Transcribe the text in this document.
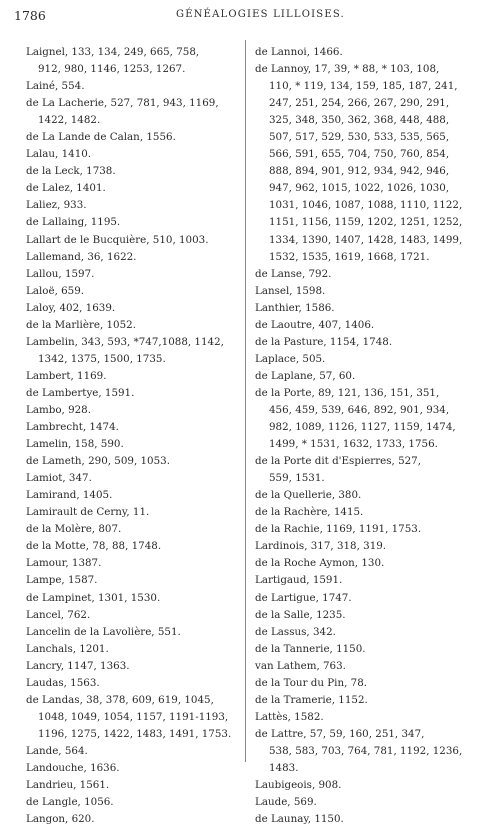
1786	GÉNÉALOGIES LILLOISES.
Laignel, 133, 134, 249, 665, 758,
912, 980, 1146, 1253, 1267.
Lainé, 554.
de La Lacherie, 527, 781, 943, 1169,
1422, 1482.
de La Lande de Calan, 1556.
Lalau, 1410.
de la Leck, 1738.
de Lalez, 1401.
Laliez, 933.
de Lallaing, 1195.
Lallart de le Bucquière, 510, 1003.
Lallemand, 36, 1622.
Lallou, 1597.
Laloë, 659.
Laloy, 402, 1639.
de la Marlière, 1052.
Lambelin, 343, 593, *747,1088, 1142,
1342, 1375, 1500, 1735.
Lambert, 1169.
de Lambertye, 1591.
Lambo, 928.
Lambrecht, 1474.
Lamelin, 158, 590.
de Lameth, 290, 509, 1053.
Lamiot, 347.
Lamirand, 1405.
Lamirault de Cerny, 11.
de la Molère, 807.
de la Motte, 78, 88, 1748.
Lamour, 1387.
Lampe, 1587.
de Lampinet, 1301, 1530.
Lancel, 762.
Lancelin de la Lavolière, 551.
Lanchals, 1201.
Lancry, 1147, 1363.
Laudas, 1563.
de Landas, 38, 378, 609, 619, 1045,
1048, 1049, 1054, 1157, 1191-1193,
1196, 1275, 1422, 1483, 1491, 1753.
Lande, 564.
Landouche, 1636.
Landrieu, 1561.
de Langle, 1056.
Langon, 620.
de Lannoi, 1466.
de Lannoy, 17, 39, * 88, * 103, 108,
110, * 119, 134, 159, 185, 187, 241,
247, 251, 254, 266, 267, 290, 291,
325, 348, 350, 362, 368, 448, 488,
507, 517, 529, 530, 533, 535, 565,
566, 591, 655, 704, 750, 760, 854,
888, 894, 901, 912, 934, 942, 946,
947, 962, 1015, 1022, 1026, 1030,
1031, 1046, 1087, 1088, 1110, 1122,
1151, 1156, 1159, 1202, 1251, 1252,
1334, 1390, 1407, 1428, 1483, 1499,
1532, 1535, 1619, 1668, 1721.
de Lanse, 792.
Lansel, 1598.
Lanthier, 1586.
de Laoutre, 407, 1406.
de la Pasture, 1154, 1748.
Laplace, 505.
de Laplane, 57, 60.
de la Porte, 89, 121, 136, 151, 351,
456, 459, 539, 646, 892, 901, 934,
982, 1089, 1126, 1127, 1159, 1474,
1499, * 1531, 1632, 1733, 1756.
de la Porte dit d'Espierres, 527,
559, 1531.
de la Quellerie, 380.
de la Rachère, 1415.
de la Rachie, 1169, 1191, 1753.
Lardinois, 317, 318, 319.
de la Roche Aymon, 130.
Lartigaud, 1591.
de Lartigue, 1747.
de la Salle, 1235.
de Lassus, 342.
de la Tannerie, 1150.
van Lathem, 763.
de la Tour du Pin, 78.
de la Tramerie, 1152.
Lattès, 1582.
de Lattre, 57, 59, 160, 251, 347,
538, 583, 703, 764, 781, 1192, 1236,
1483.
Laubigeois, 908.
Laude, 569.
de Launay, 1150.
